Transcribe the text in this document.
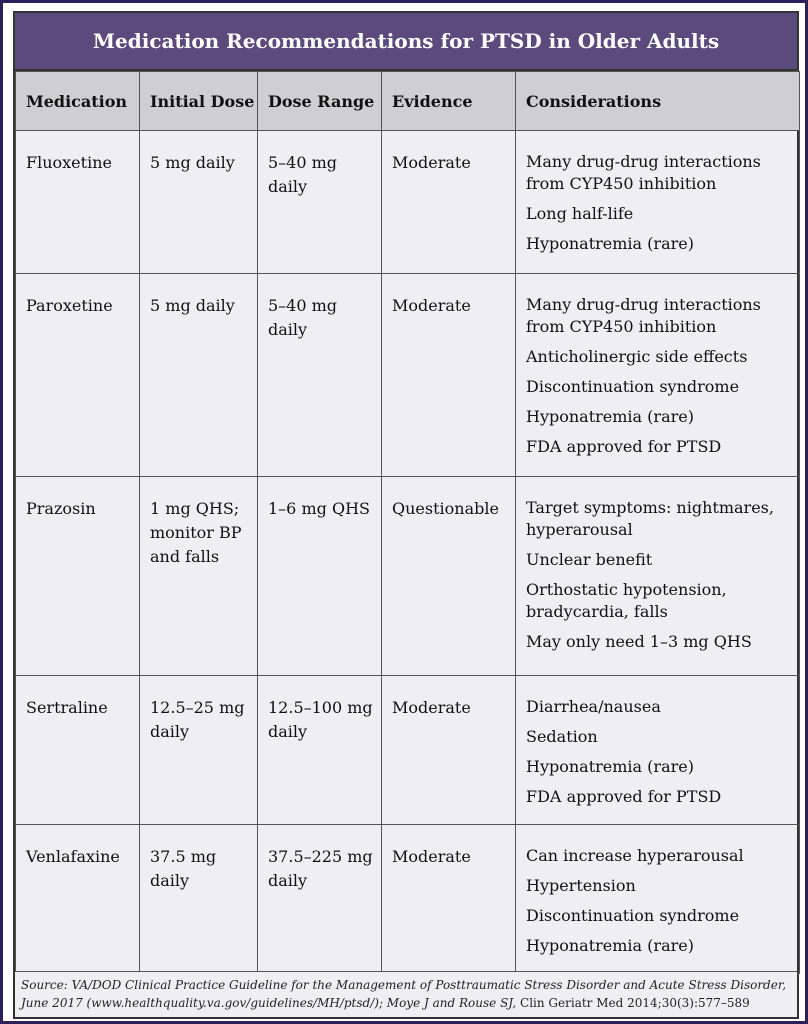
Medication Recommendations for PTSD in Older Adults
Medication	Initial Dose	Dose Range	Evidence	Considerations

Fluoxetine	5 mg daily	5–40 mg daily	Moderate	Many drug-drug interactions from CYP450 inhibition
Long half-life
Hyponatremia (rare)

Paroxetine	5 mg daily	5–40 mg daily	Moderate	Many drug-drug interactions from CYP450 inhibition
Anticholinergic side effects
Discontinuation syndrome
Hyponatremia (rare)
FDA approved for PTSD

Prazosin	1 mg QHS; monitor BP and falls	1–6 mg QHS	Questionable	Target symptoms: nightmares, hyperarousal
Unclear benefit
Orthostatic hypotension, bradycardia, falls
May only need 1–3 mg QHS

Sertraline	12.5–25 mg daily	12.5–100 mg daily	Moderate	Diarrhea/nausea
Sedation
Hyponatremia (rare)
FDA approved for PTSD

Venlafaxine	37.5 mg daily	37.5–225 mg daily	Moderate	Can increase hyperarousal
Hypertension
Discontinuation syndrome
Hyponatremia (rare)
Source: VA/DOD Clinical Practice Guideline for the Management of Posttraumatic Stress Disorder and Acute Stress Disorder, June 2017 (www.healthquality.va.gov/guidelines/MH/ptsd/); Moye J and Rouse SJ, Clin Geriatr Med 2014;30(3):577–589
